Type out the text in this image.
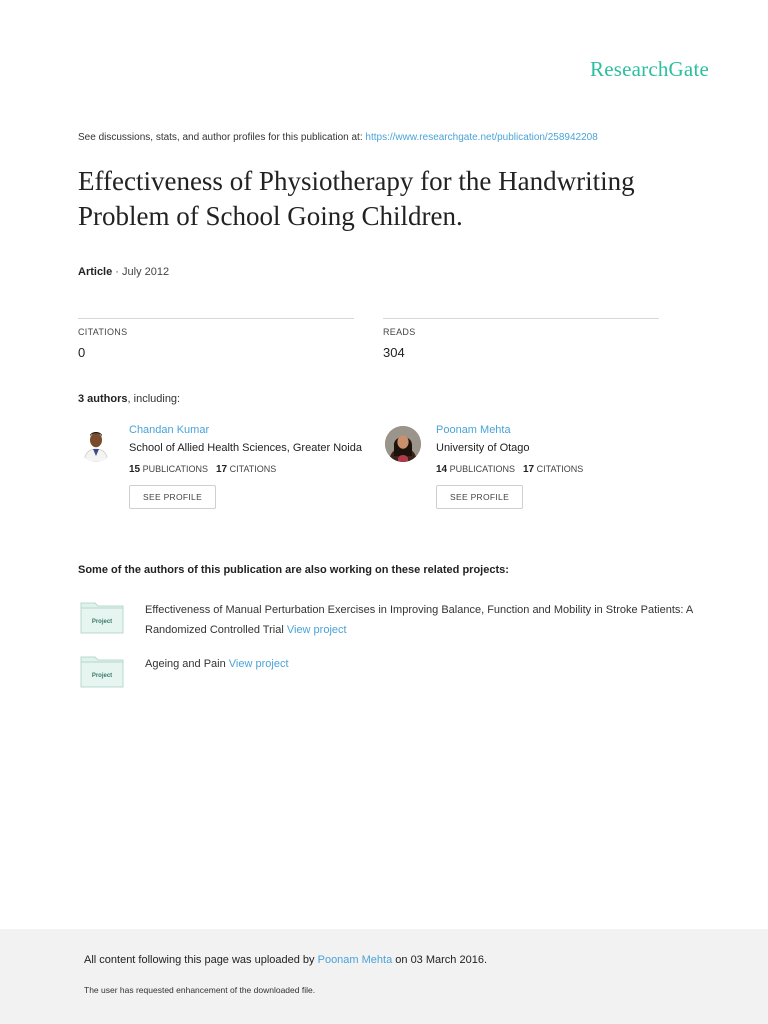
ResearchGate
See discussions, stats, and author profiles for this publication at: https://www.researchgate.net/publication/258942208
Effectiveness of Physiotherapy for the Handwriting Problem of School Going Children.
Article · July 2012
CITATIONS
0
READS
304
3 authors, including:
Chandan Kumar
School of Allied Health Sciences, Greater Noida
15 PUBLICATIONS 17 CITATIONS
SEE PROFILE
Poonam Mehta
University of Otago
14 PUBLICATIONS 17 CITATIONS
SEE PROFILE
Some of the authors of this publication are also working on these related projects:
Project
Effectiveness of Manual Perturbation Exercises in Improving Balance, Function and Mobility in Stroke Patients: A Randomized Controlled Trial View project
Project
Ageing and Pain View project
All content following this page was uploaded by Poonam Mehta on 03 March 2016.
The user has requested enhancement of the downloaded file.
